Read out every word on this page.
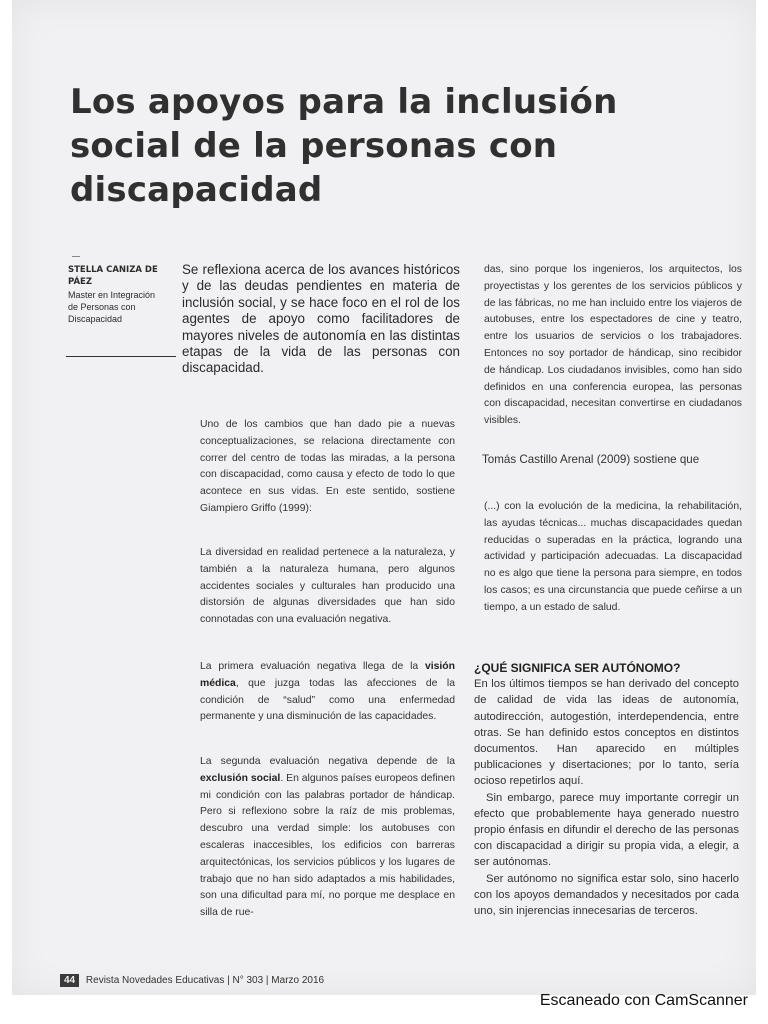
Los apoyos para la inclusión social de la personas con discapacidad
STELLA CANIZA DE PÁEZ
Master en Integración de Personas con Discapacidad
Se reflexiona acerca de los avances históricos y de las deudas pendientes en materia de inclusión social, y se hace foco en el rol de los agentes de apoyo como facilitadores de mayores niveles de autonomía en las distintas etapas de la vida de las personas con discapacidad.

Uno de los cambios que han dado pie a nuevas conceptualizaciones, se relaciona directamente con correr del centro de todas las miradas, a la persona con discapacidad, como causa y efecto de todo lo que acontece en sus vidas. En este sentido, sostiene Giampiero Griffo (1999):

La diversidad en realidad pertenece a la naturaleza, y también a la naturaleza humana, pero algunos accidentes sociales y culturales han producido una distorsión de algunas diversidades que han sido connotadas con una evaluación negativa.

La primera evaluación negativa llega de la visión médica, que juzga todas las afecciones de la condición de “salud” como una enfermedad permanente y una disminución de las capacidades.

La segunda evaluación negativa depende de la exclusión social. En algunos países europeos definen mi condición con las palabras portador de hándicap. Pero si reflexiono sobre la raíz de mis problemas, descubro una verdad simple: los autobuses con escaleras inaccesibles, los edificios con barreras arquitectónicas, los servicios públicos y los lugares de trabajo que no han sido adaptados a mis habilidades, son una dificultad para mí, no porque me desplace en silla de rue-

das, sino porque los ingenieros, los arquitectos, los proyectistas y los gerentes de los servicios públicos y de las fábricas, no me han incluido entre los viajeros de autobuses, entre los espectadores de cine y teatro, entre los usuarios de servicios o los trabajadores. Entonces no soy portador de hándicap, sino recibidor de hándicap. Los ciudadanos invisibles, como han sido definidos en una conferencia europea, las personas con discapacidad, necesitan convertirse en ciudadanos visibles.

Tomás Castillo Arenal (2009) sostiene que

(...) con la evolución de la medicina, la rehabilitación, las ayudas técnicas... muchas discapacidades quedan reducidas o superadas en la práctica, logrando una actividad y participación adecuadas. La discapacidad no es algo que tiene la persona para siempre, en todos los casos; es una circunstancia que puede ceñirse a un tiempo, a un estado de salud.

¿QUÉ SIGNIFICA SER AUTÓNOMO?

En los últimos tiempos se han derivado del concepto de calidad de vida las ideas de autonomía, autodirección, autogestión, interdependencia, entre otras. Se han definido estos conceptos en distintos documentos. Han aparecido en múltiples publicaciones y disertaciones; por lo tanto, sería ocioso repetirlos aquí.

Sin embargo, parece muy importante corregir un efecto que probablemente haya generado nuestro propio énfasis en difundir el derecho de las personas con discapacidad a dirigir su propia vida, a elegir, a ser autónomas.

Ser autónomo no significa estar solo, sino hacerlo con los apoyos demandados y necesitados por cada uno, sin injerencias innecesarias de terceros.

44 Revista Novedades Educativas | N° 303 | Marzo 2016
Escaneado con CamScanner
